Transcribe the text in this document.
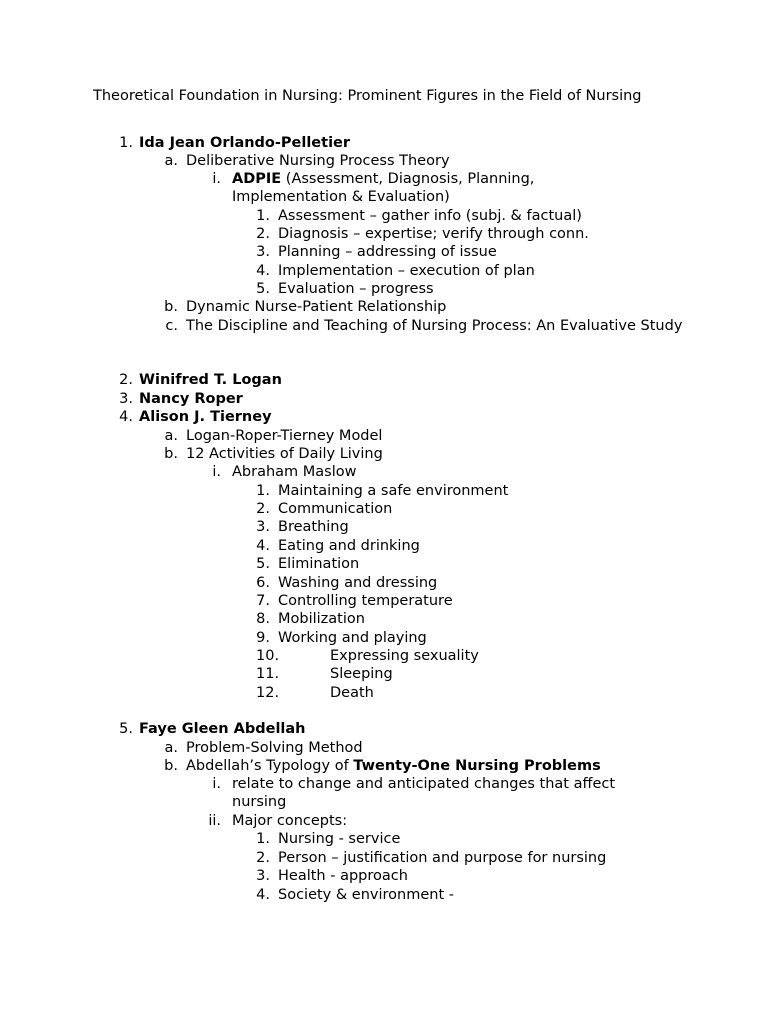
Theoretical Foundation in Nursing: Prominent Figures in the Field of Nursing
1. Ida Jean Orlando-Pelletier
a. Deliberative Nursing Process Theory
i. ADPIE (Assessment, Diagnosis, Planning, Implementation & Evaluation)
1. Assessment – gather info (subj. & factual)
2. Diagnosis – expertise; verify through conn.
3. Planning – addressing of issue
4. Implementation – execution of plan
5. Evaluation – progress
b. Dynamic Nurse-Patient Relationship
c. The Discipline and Teaching of Nursing Process: An Evaluative Study
2. Winifred T. Logan
3. Nancy Roper
4. Alison J. Tierney
a. Logan-Roper-Tierney Model
b. 12 Activities of Daily Living
i. Abraham Maslow
1. Maintaining a safe environment
2. Communication
3. Breathing
4. Eating and drinking
5. Elimination
6. Washing and dressing
7. Controlling temperature
8. Mobilization
9. Working and playing
10.	Expressing sexuality
11.	Sleeping
12.	Death
5. Faye Gleen Abdellah
a. Problem-Solving Method
b. Abdellah’s Typology of Twenty-One Nursing Problems
i. relate to change and anticipated changes that affect nursing
ii. Major concepts:
1. Nursing - service
2. Person – justification and purpose for nursing
3. Health - approach
4. Society & environment -
